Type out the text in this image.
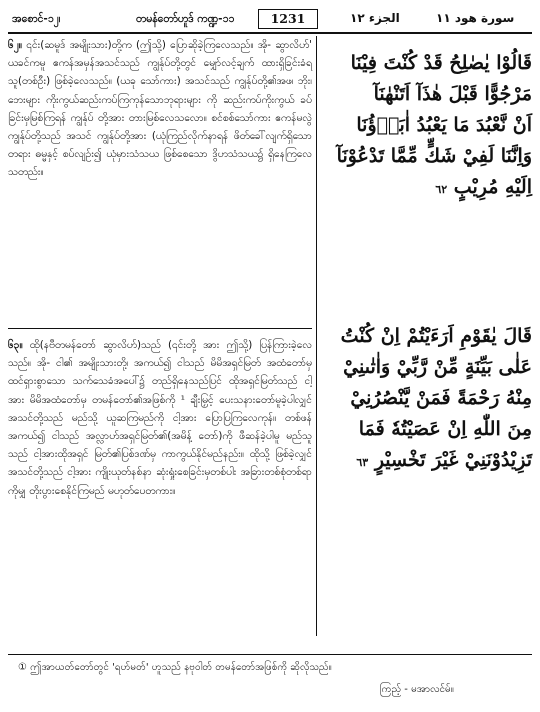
အစောင်-၁၂၊	တမန်တော်ဟူဒ် ကဏ္ဍ-၁၁	1231	الجزء ١٢	سورة هود ١١

၆၂။ ၎င်း(ဆမူဒ် အမျိုးသား)တို့က (ဤသို့) ပြောဆိုခဲ့ကြလေသည်။ အို- ဆွာလိဟ်' ယခင်ကမူ ဧကန်အမှန်အသင်သည် ကျွန်ုပ်တို့တွင် မျှော်လင့်ချက် ထားရှိခြင်းခံရသူ(တစ်ဦး) ဖြစ်ခဲ့လေသည်။ (ယခု သော်ကား) အသင်သည် ကျွန်ုပ်တို့၏အဖ၊ ဘိုး၊ ဘေးများ ကိုးကွယ်ဆည်းကပ်ကြကုန်သောဘုရားများ ကို ဆည်းကပ်ကိုးကွယ် ခပ်ခြင်းမှမြစ်ကြရန် ကျွန်ုပ် တို့အား တားမြစ်လေသလော။ စင်စစ်သော်ကား ဧကန်မလွဲ ကျွန်ုပ်တို့သည် အသင် ကျွန်ုပ်တို့အား (ယုံကြည်လိုက်နာရန် ဖိတ်ခေါ်လျက်ရှိသော တရား ဓမ္မနှင့် စပ်လျဉ်း၍ ယုံမှားသံသယ ဖြစ်စေသော ဒွိဟသံသယ၌ ရှိနေကြလေသတည်း။

၆၃။ ထို(နဗီတမန်တော် ဆွာလိဟ်)သည် (၎င်းတို့ အား ဤသို့) ပြန်ကြားခဲ့လေသည်။ အို- ငါ၏ အမျိုးသားတို့၊ အကယ်၍ ငါသည် မိမိအရှင်မြတ် အထံတော်မှ ထင်ရှားစွာသော သက်သေခံအပေါ်၌ တည်ရှိနေသည်ပြင် ထိုအရှင်မြတ်သည် ငါ့အား မိမိအထံတော်မှ တမန်တော်၏အဖြစ်ကို ¹ ချီးမြှင့် ပေးသနားတော်မူခဲ့ပါလျှင် အသင်တို့သည် မည်သို့ ယူဆကြမည်ကို ငါ့အား ပြောပြကြလေကုန်။ တစ်ဖန် အကယ်၍ ငါသည် အလ္လာဟ်အရှင်မြတ်၏(အမိန့် တော်)ကို ဖီဆန်ခဲ့ပါမူ မည်သူသည် ငါ့အားထိုအရှင် မြတ်၏ပြစ်ဒဏ်မှ ကာကွယ်နိုင်မည်နည်း။ ထိုသို့ ဖြစ်ခဲ့လျှင် အသင်တို့သည် ငါ့အား ကျိုးယုတ်နစ်နာ ဆုံးရှုံးစေခြင်းမှတစ်ပါး အခြားတစ်စုံတစ်ရာကိုမျှ တိုးပွားစေနိုင်ကြမည် မဟုတ်ပေတကား။

قَالُوْا يٰصٰلِحُ قَدْ كُنْتَ فِيْنَا
مَرْجُوًّا قَبْلَ هٰذَآ اَتَنْهٰنَآ
اَنْ نَّعْبُدَ مَا يَعْبُدُ اٰبَاۤؤُنَا
وَاِنَّنَا لَفِيْ شَكٍّ مِّمَّا تَدْعُوْنَآ
اِلَيْهِ مُرِيْبٍ ٦٢
قَالَ يٰقَوْمِ اَرَءَيْتُمْ اِنْ كُنْتُ
عَلٰى بَيِّنَةٍ مِّنْ رَّبِّيْ وَاٰتٰىنِيْ
مِنْهُ رَحْمَةً فَمَنْ يَّنْصُرُنِيْ
مِنَ اللّٰهِ اِنْ عَصَيْتُهٗ فَمَا
تَزِيْدُوْنَنِيْ غَيْرَ تَخْسِيْرٍ ٦٣
① ဤအာယတ်တော်တွင် 'ရဟ်မတ်' ဟူသည် နဗုဝါတ် တမန်တော်အဖြစ်ကို ဆိုလိုသည်။
ကြည့် - မအာလင်မ်။
